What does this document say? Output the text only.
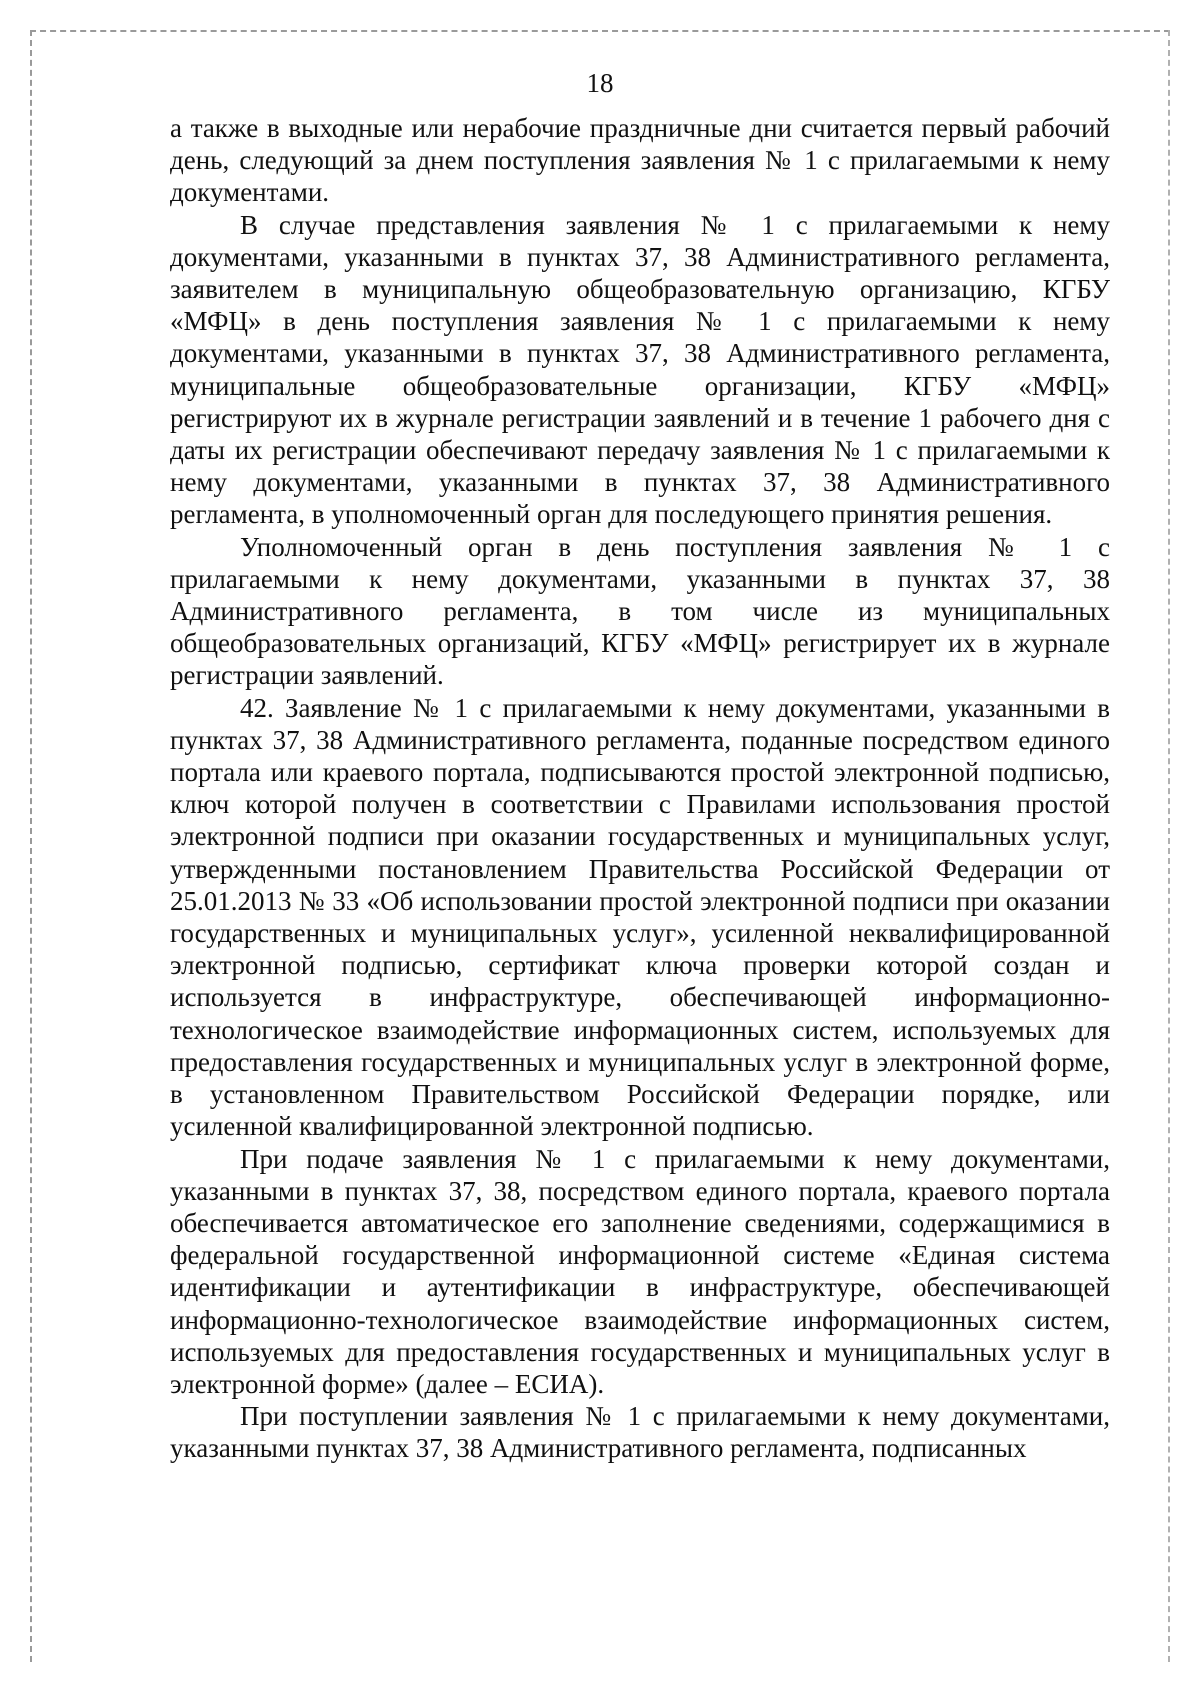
18

а также в выходные или нерабочие праздничные дни считается первый рабочий день, следующий за днем поступления заявления № 1 с прилагаемыми к нему документами.

В случае представления заявления № 1 с прилагаемыми к нему документами, указанными в пунктах 37, 38 Административного регламента, заявителем в муниципальную общеобразовательную организацию, КГБУ «МФЦ» в день поступления заявления № 1 с прилагаемыми к нему документами, указанными в пунктах 37, 38 Административного регламента, муниципальные общеобразовательные организации, КГБУ «МФЦ» регистрируют их в журнале регистрации заявлений и в течение 1 рабочего дня с даты их регистрации обеспечивают передачу заявления № 1 с прилагаемыми к нему документами, указанными в пунктах 37, 38 Административного регламента, в уполномоченный орган для последующего принятия решения.

Уполномоченный орган в день поступления заявления № 1 с прилагаемыми к нему документами, указанными в пунктах 37, 38 Административного регламента, в том числе из муниципальных общеобразовательных организаций, КГБУ «МФЦ» регистрирует их в журнале регистрации заявлений.

42. Заявление № 1 с прилагаемыми к нему документами, указанными в пунктах 37, 38 Административного регламента, поданные посредством единого портала или краевого портала, подписываются простой электронной подписью, ключ которой получен в соответствии с Правилами использования простой электронной подписи при оказании государственных и муниципальных услуг, утвержденными постановлением Правительства Российской Федерации от 25.01.2013 № 33 «Об использовании простой электронной подписи при оказании государственных и муниципальных услуг», усиленной неквалифицированной электронной подписью, сертификат ключа проверки которой создан и используется в инфраструктуре, обеспечивающей информационно-технологическое взаимодействие информационных систем, используемых для предоставления государственных и муниципальных услуг в электронной форме, в установленном Правительством Российской Федерации порядке, или усиленной квалифицированной электронной подписью.

При подаче заявления № 1 с прилагаемыми к нему документами, указанными в пунктах 37, 38, посредством единого портала, краевого портала обеспечивается автоматическое его заполнение сведениями, содержащимися в федеральной государственной информационной системе «Единая система идентификации и аутентификации в инфраструктуре, обеспечивающей информационно-технологическое взаимодействие информационных систем, используемых для предоставления государственных и муниципальных услуг в электронной форме» (далее – ЕСИА).

При поступлении заявления № 1 с прилагаемыми к нему документами, указанными пунктах 37, 38 Административного регламента, подписанных
